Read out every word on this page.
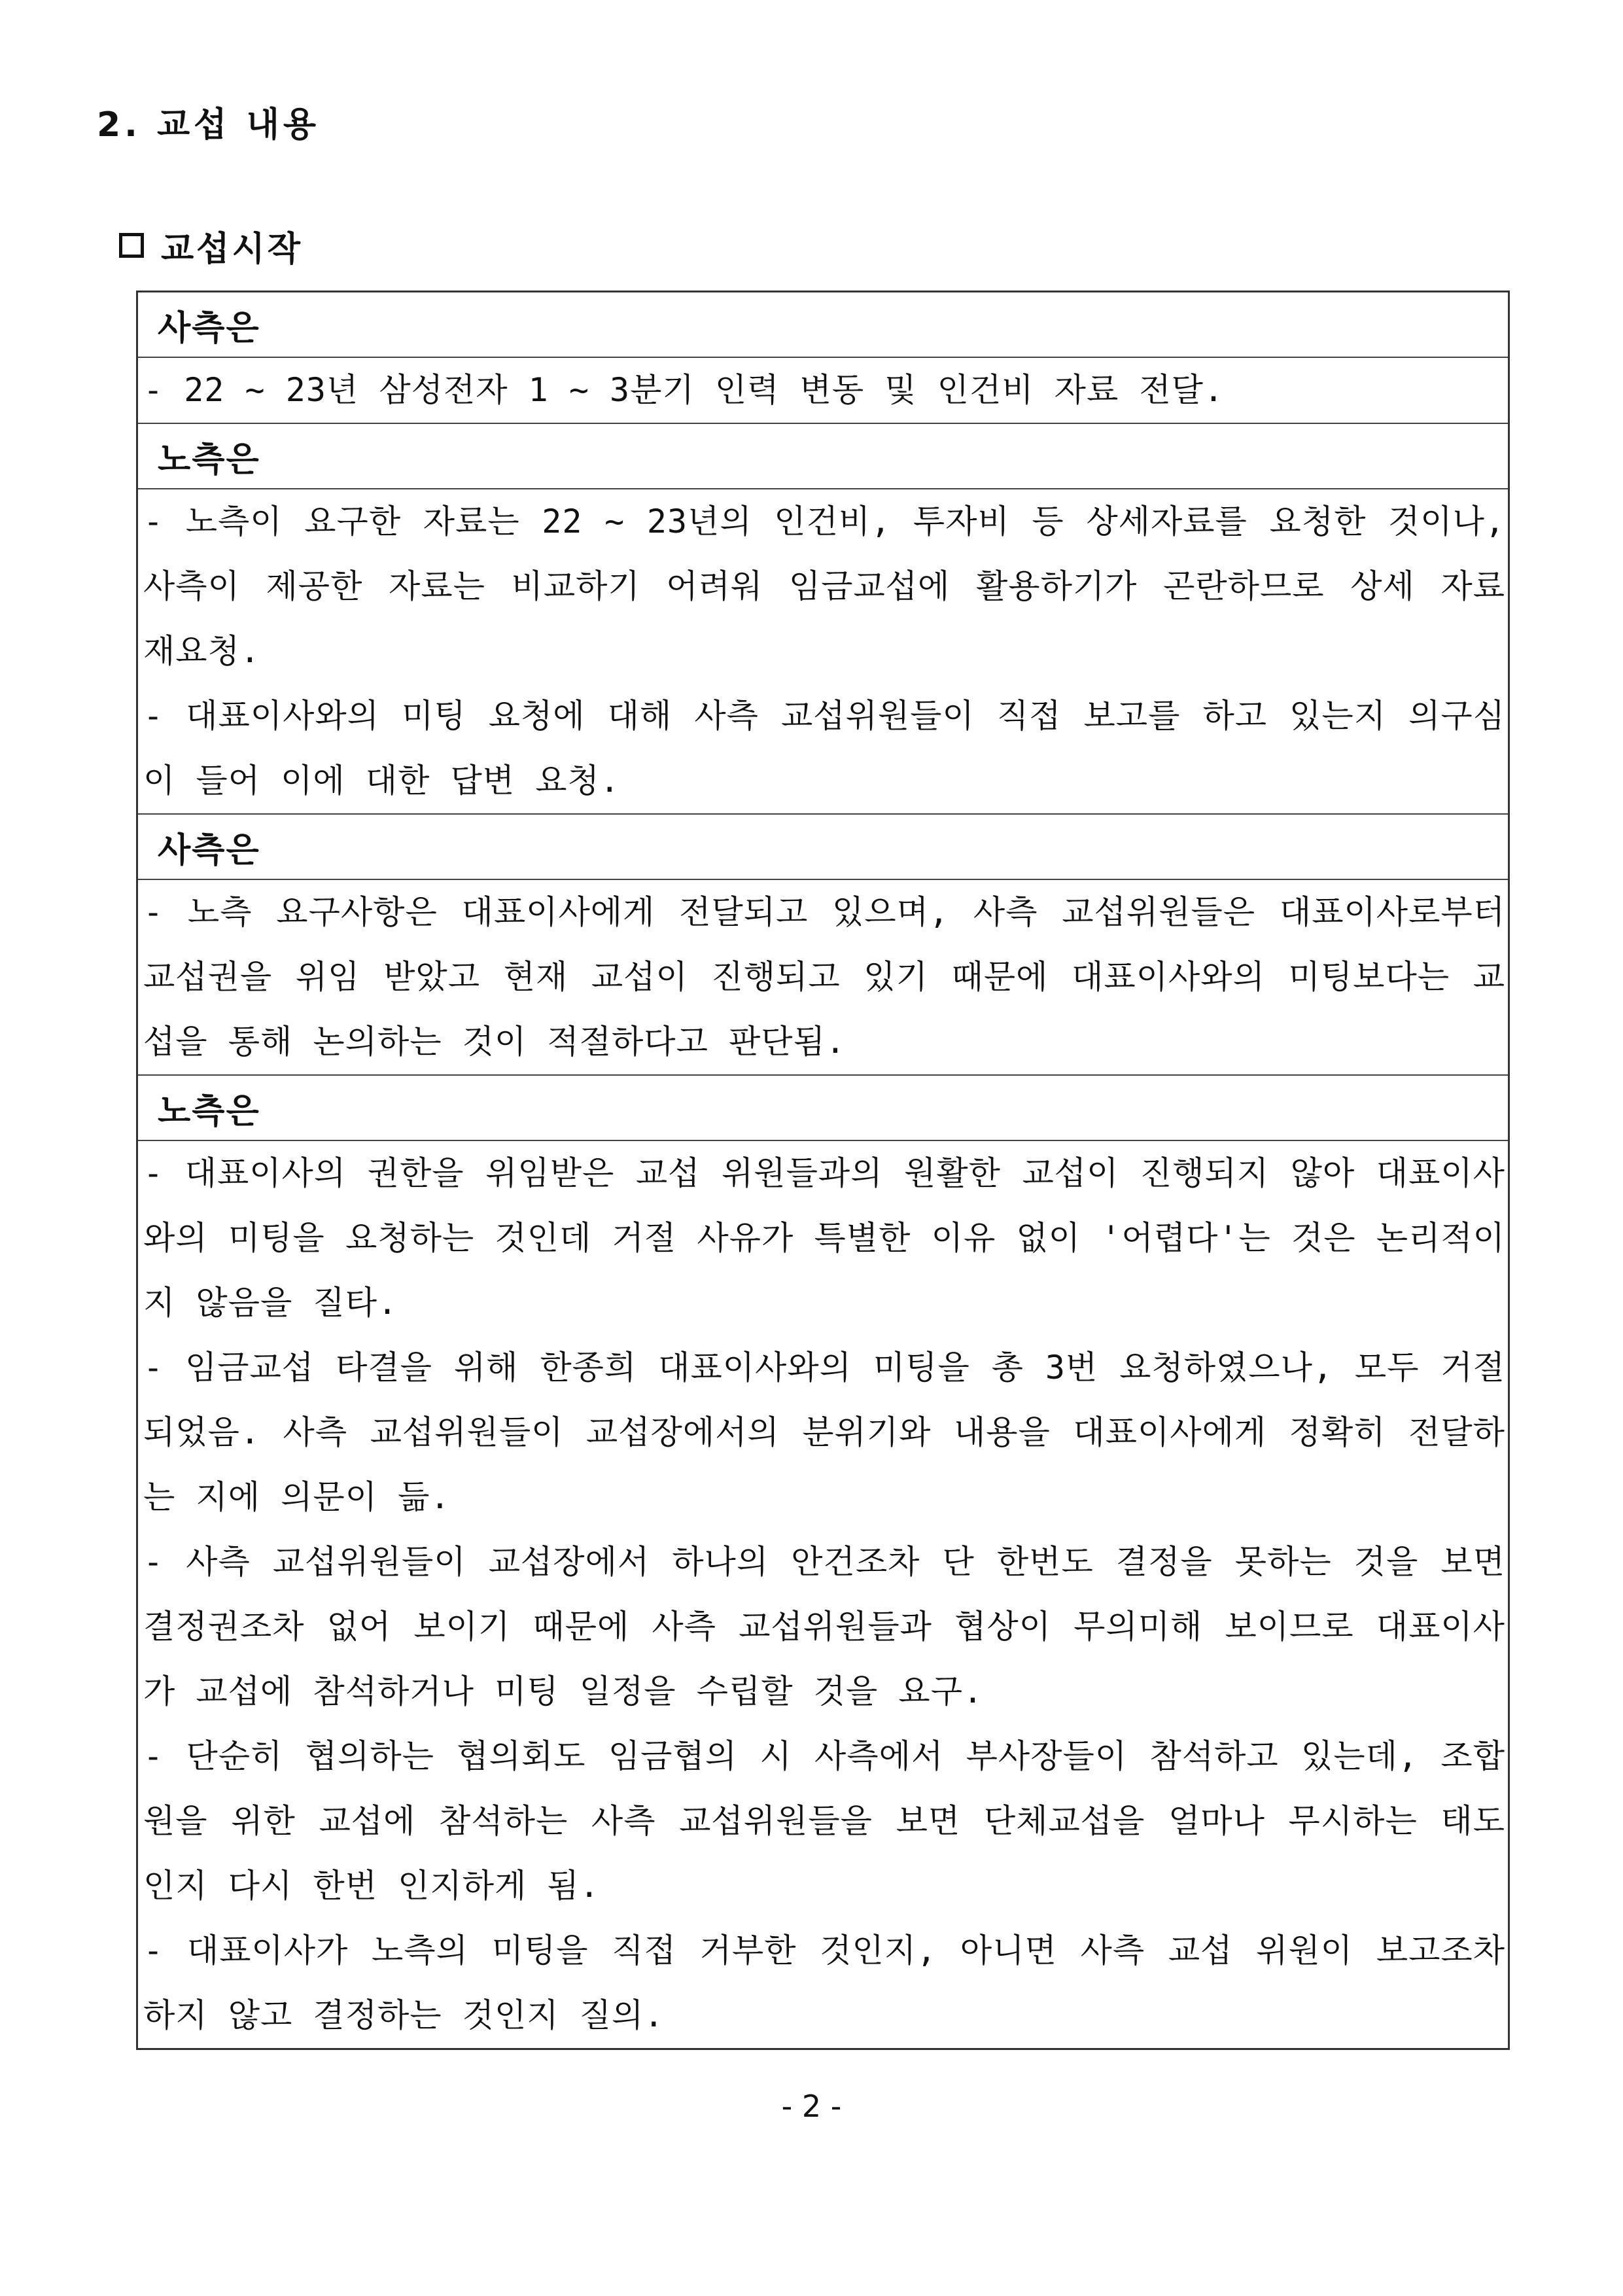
2. 교섭 내용
교섭시작
사측은

- 22 ~ 23년 삼성전자 1 ~ 3분기 인력 변동 및 인건비 자료 전달.

노측은

- 노측이 요구한 자료는 22 ~ 23년의 인건비, 투자비 등 상세자료를 요청한 것이나, 사측이 제공한 자료는 비교하기 어려워 임금교섭에 활용하기가 곤란하므로 상세 자료 재요청.

- 대표이사와의 미팅 요청에 대해 사측 교섭위원들이 직접 보고를 하고 있는지 의구심이 들어 이에 대한 답변 요청.

사측은

- 노측 요구사항은 대표이사에게 전달되고 있으며, 사측 교섭위원들은 대표이사로부터 교섭권을 위임 받았고 현재 교섭이 진행되고 있기 때문에 대표이사와의 미팅보다는 교섭을 통해 논의하는 것이 적절하다고 판단됨.

노측은

- 대표이사의 권한을 위임받은 교섭 위원들과의 원활한 교섭이 진행되지 않아 대표이사와의 미팅을 요청하는 것인데 거절 사유가 특별한 이유 없이 '어렵다'는 것은 논리적이지 않음을 질타.

- 임금교섭 타결을 위해 한종희 대표이사와의 미팅을 총 3번 요청하였으나, 모두 거절되었음. 사측 교섭위원들이 교섭장에서의 분위기와 내용을 대표이사에게 정확히 전달하는 지에 의문이 듦.

- 사측 교섭위원들이 교섭장에서 하나의 안건조차 단 한번도 결정을 못하는 것을 보면 결정권조차 없어 보이기 때문에 사측 교섭위원들과 협상이 무의미해 보이므로 대표이사가 교섭에 참석하거나 미팅 일정을 수립할 것을 요구.

- 단순히 협의하는 협의회도 임금협의 시 사측에서 부사장들이 참석하고 있는데, 조합원을 위한 교섭에 참석하는 사측 교섭위원들을 보면 단체교섭을 얼마나 무시하는 태도인지 다시 한번 인지하게 됨.

- 대표이사가 노측의 미팅을 직접 거부한 것인지, 아니면 사측 교섭 위원이 보고조차 하지 않고 결정하는 것인지 질의.

- 2 -
